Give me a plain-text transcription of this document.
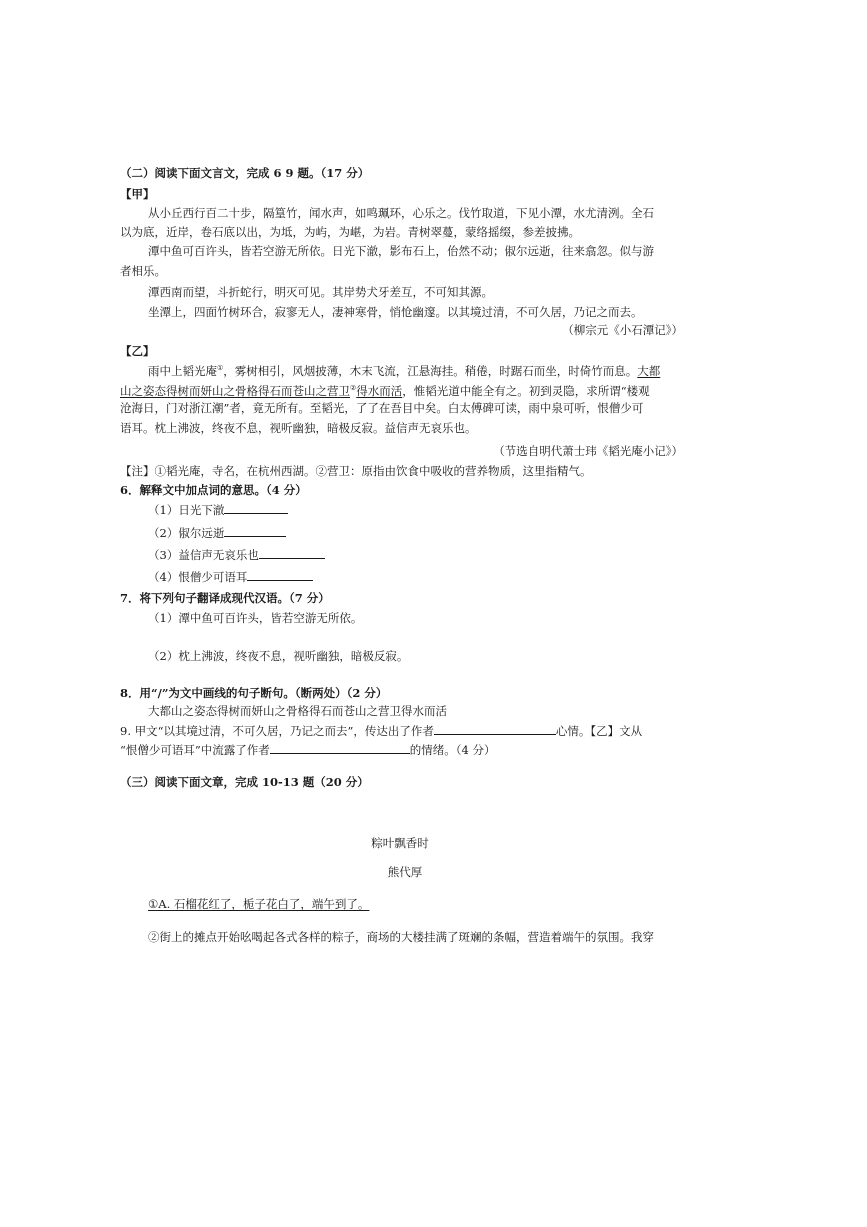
（二）阅读下面文言文，完成 6 9 题。（17 分）
【甲】
从小丘西行百二十步，隔篁竹，闻水声，如鸣珮环，心乐之。伐竹取道，下见小潭，水尤清洌。全石
以为底，近岸，卷石底以出，为坻，为屿，为嵁，为岩。青树翠蔓，蒙络摇缀，参差披拂。
潭中鱼可百许头，皆若空游无所依。日光下澈，影布石上，佁然不动；俶尔远逝，往来翕忽。似与游
者相乐。
潭西南而望，斗折蛇行，明灭可见。其岸势犬牙差互，不可知其源。
坐潭上，四面竹树环合，寂寥无人，凄神寒骨，悄怆幽邃。以其境过清，不可久居，乃记之而去。
（柳宗元《小石潭记》）
【乙】
雨中上韬光庵①，雾树相引，风烟披薄，木末飞流，江悬海挂。稍倦，时踞石而坐，时倚竹而息。大都
山之姿态得树而妍山之骨格得石而苍山之营卫②得水而活，惟韬光道中能全有之。初到灵隐，求所谓“楼观
沧海日，门对浙江潮”者，竟无所有。至韬光，了了在吾目中矣。白太傅碑可读，雨中泉可听，恨僧少可
语耳。枕上沸波，终夜不息，视听幽独，暗极反寂。益信声无哀乐也。
（节选自明代萧士玮《韬光庵小记》）
【注】①韬光庵，寺名，在杭州西湖。②营卫：原指由饮食中吸收的营养物质，这里指精气。
6．解释文中加点词的意思。（4 分）
（1）日光下澈
（2）俶尔远逝
（3）益信声无哀乐也
（4）恨僧少可语耳
7．将下列句子翻译成现代汉语。（7 分）
（1）潭中鱼可百许头，皆若空游无所依。
（2）枕上沸波，终夜不息，视听幽独，暗极反寂。
8．用“/”为文中画线的句子断句。（断两处）（2 分）
大都山之姿态得树而妍山之骨格得石而苍山之营卫得水而活
9. 甲文“以其境过清，不可久居，乃记之而去”，传达出了作者	心情。【乙】文从
“恨僧少可语耳”中流露了作者	的情绪。（4 分）
（三）阅读下面文章，完成 10-13 题（20 分）
粽叶飘香时
熊代厚
①A. 石榴花红了，栀子花白了，端午到了。
②街上的摊点开始吆喝起各式各样的粽子，商场的大楼挂满了斑斓的条幅，营造着端午的氛围。我穿
